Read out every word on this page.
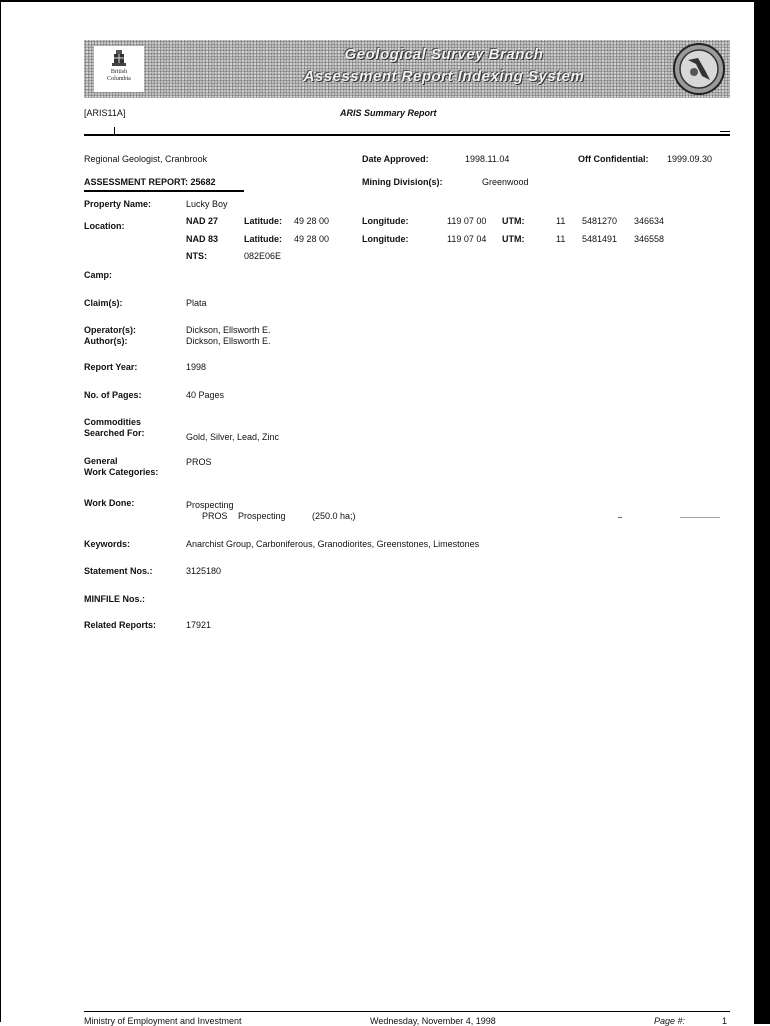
British
Columbia
Geological Survey Branch
Assessment Report Indexing System
[ARIS11A]	ARIS Summary Report
Regional Geologist, Cranbrook	Date Approved:	1998.11.04	Off Confidential: 1999.09.30
ASSESSMENT REPORT: 25682	Mining Division(s):	Greenwood
Property Name:	Lucky Boy
Location:	NAD 27	Latitude: 49 28 00	Longitude:	119 07 00 UTM:	11 5481270 346634
NAD 83	Latitude: 49 28 00	Longitude:	119 07 04 UTM:	11 5481491 346558
NTS:	082E06E
Camp:
Claim(s):	Plata
Operator(s):	Dickson, Ellsworth E.
Author(s):	Dickson, Ellsworth E.
Report Year:	1998
No. of Pages:	40 Pages
Commodities
Searched For:	Gold, Silver, Lead, Zinc
General
Work Categories:
PROS
Work Done:	Prospecting
PROS Prospecting	(250.0 ha;)
Keywords:	Anarchist Group, Carboniferous, Granodiorites, Greenstones, Limestones
Statement Nos.:	3125180
MINFILE Nos.:
Related Reports:	17921
Ministry of Employment and Investment	Wednesday, November 4, 1998	Page #:	1
